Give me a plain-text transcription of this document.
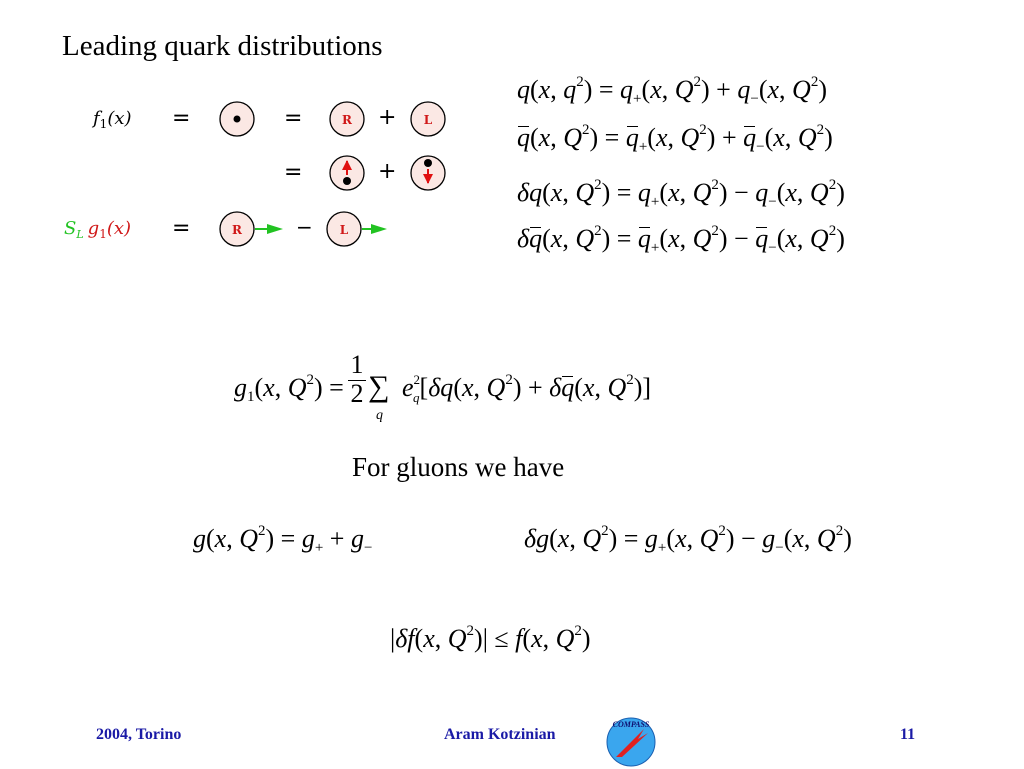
Leading quark distributions
$f_1(x)$ =	=	R + L
=	+
$S_L$ $g_1(x)$ =	R	− L
q(x, $q^2) = q_+(x$, $Q^2) + q_-(x$, $Q^2$)
q(x, $Q^2) = q_+(x$, $Q^2) + q_-(x$, $Q^2$)
δq(x, $Q^2) = q_+(x$, $Q^2) - q_-(x$, $Q^2$)
δq(x, $Q^2) = q_+(x$, $Q^2) - q_-(x$, $Q^2$)
$g_1(x$, $Q^2$) =
1

2 ∑
q
$e^2_q[\delta q(x$, $Q^2) + \delta q(x$, $Q^2$)]
For gluons we have
g(x, $Q^2) = g_+ + g_-$	δg(x, $Q^2) = g_+(x$, $Q^2) - g_-(x$, $Q^2$)
|δf(x, $Q^2)| \le f(x$, $Q^2$)
2004, Torino	Aram Kotzinian
COMPASS
11
